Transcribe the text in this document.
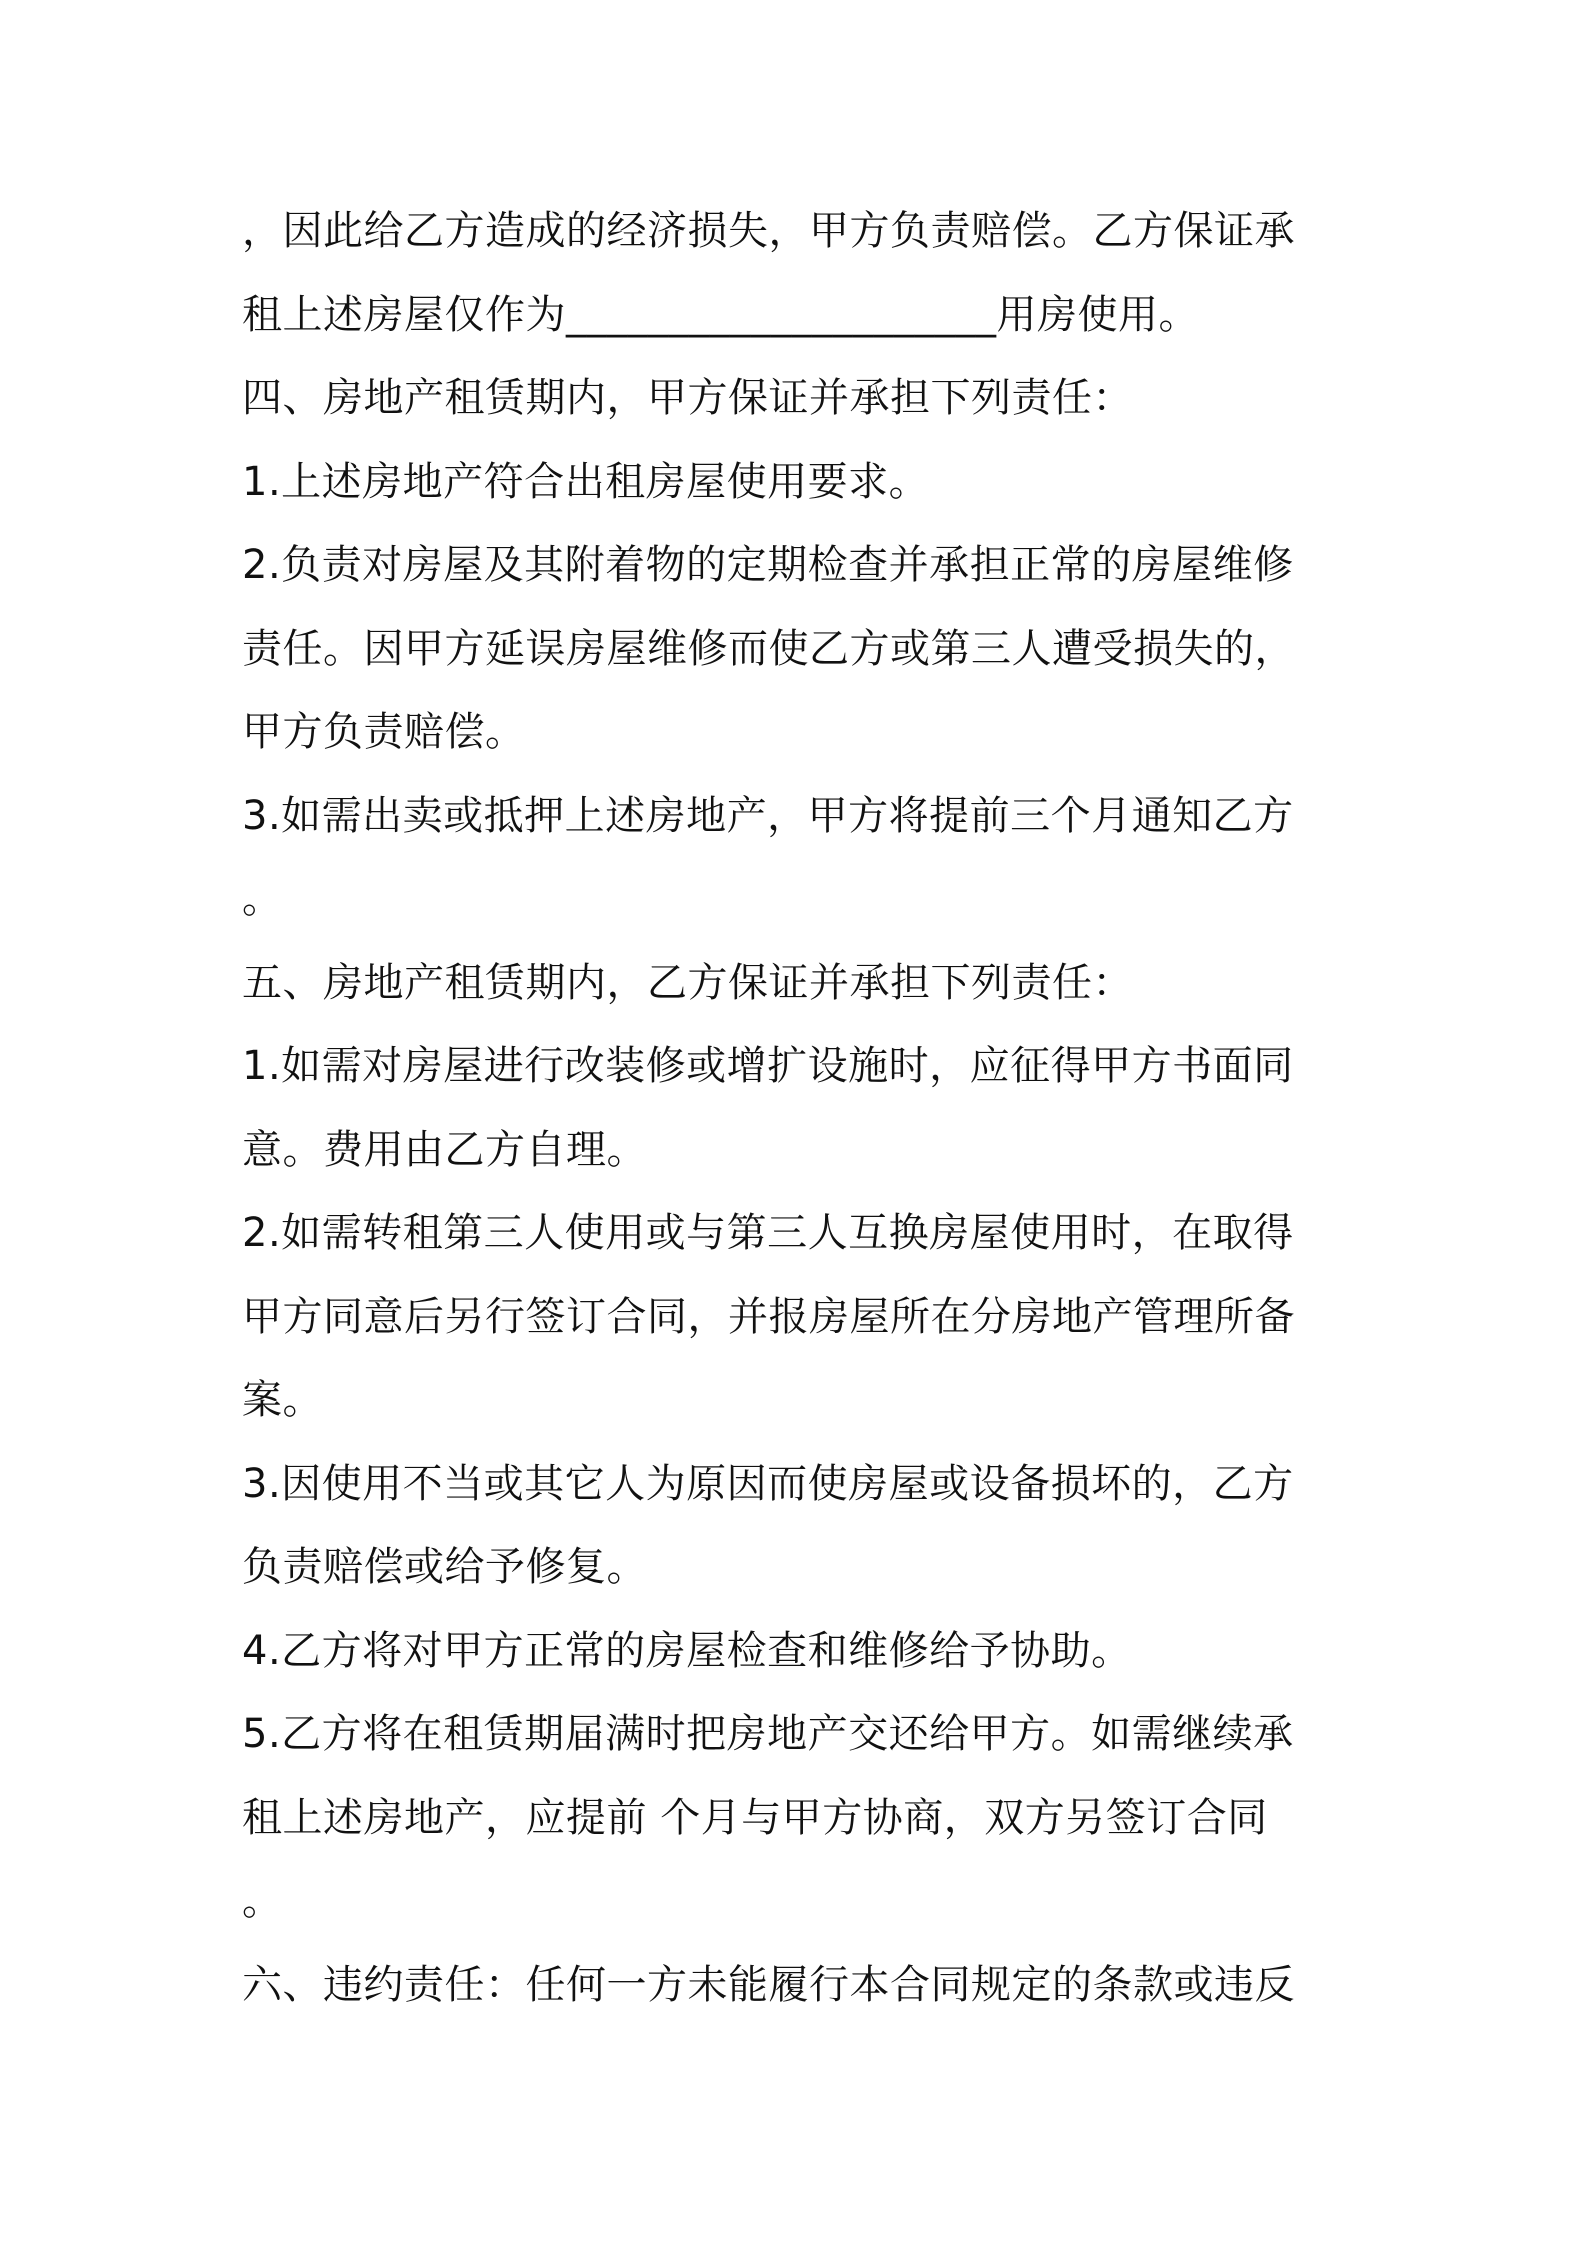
，因此给乙方造成的经济损失，甲方负责赔偿。乙方保证承
租上述房屋仅作为_____________________用房使用。
四、房地产租赁期内，甲方保证并承担下列责任：
1.上述房地产符合出租房屋使用要求。
2.负责对房屋及其附着物的定期检查并承担正常的房屋维修
责任。因甲方延误房屋维修而使乙方或第三人遭受损失的，
甲方负责赔偿。
3.如需出卖或抵押上述房地产，甲方将提前三个月通知乙方
。
五、房地产租赁期内，乙方保证并承担下列责任：
1.如需对房屋进行改装修或增扩设施时，应征得甲方书面同
意。费用由乙方自理。
2.如需转租第三人使用或与第三人互换房屋使用时，在取得
甲方同意后另行签订合同，并报房屋所在分房地产管理所备
案。
3.因使用不当或其它人为原因而使房屋或设备损坏的，乙方
负责赔偿或给予修复。
4.乙方将对甲方正常的房屋检查和维修给予协助。
5.乙方将在租赁期届满时把房地产交还给甲方。如需继续承
租上述房地产，应提前 个月与甲方协商，双方另签订合同
。
六、违约责任：任何一方未能履行本合同规定的条款或违反
